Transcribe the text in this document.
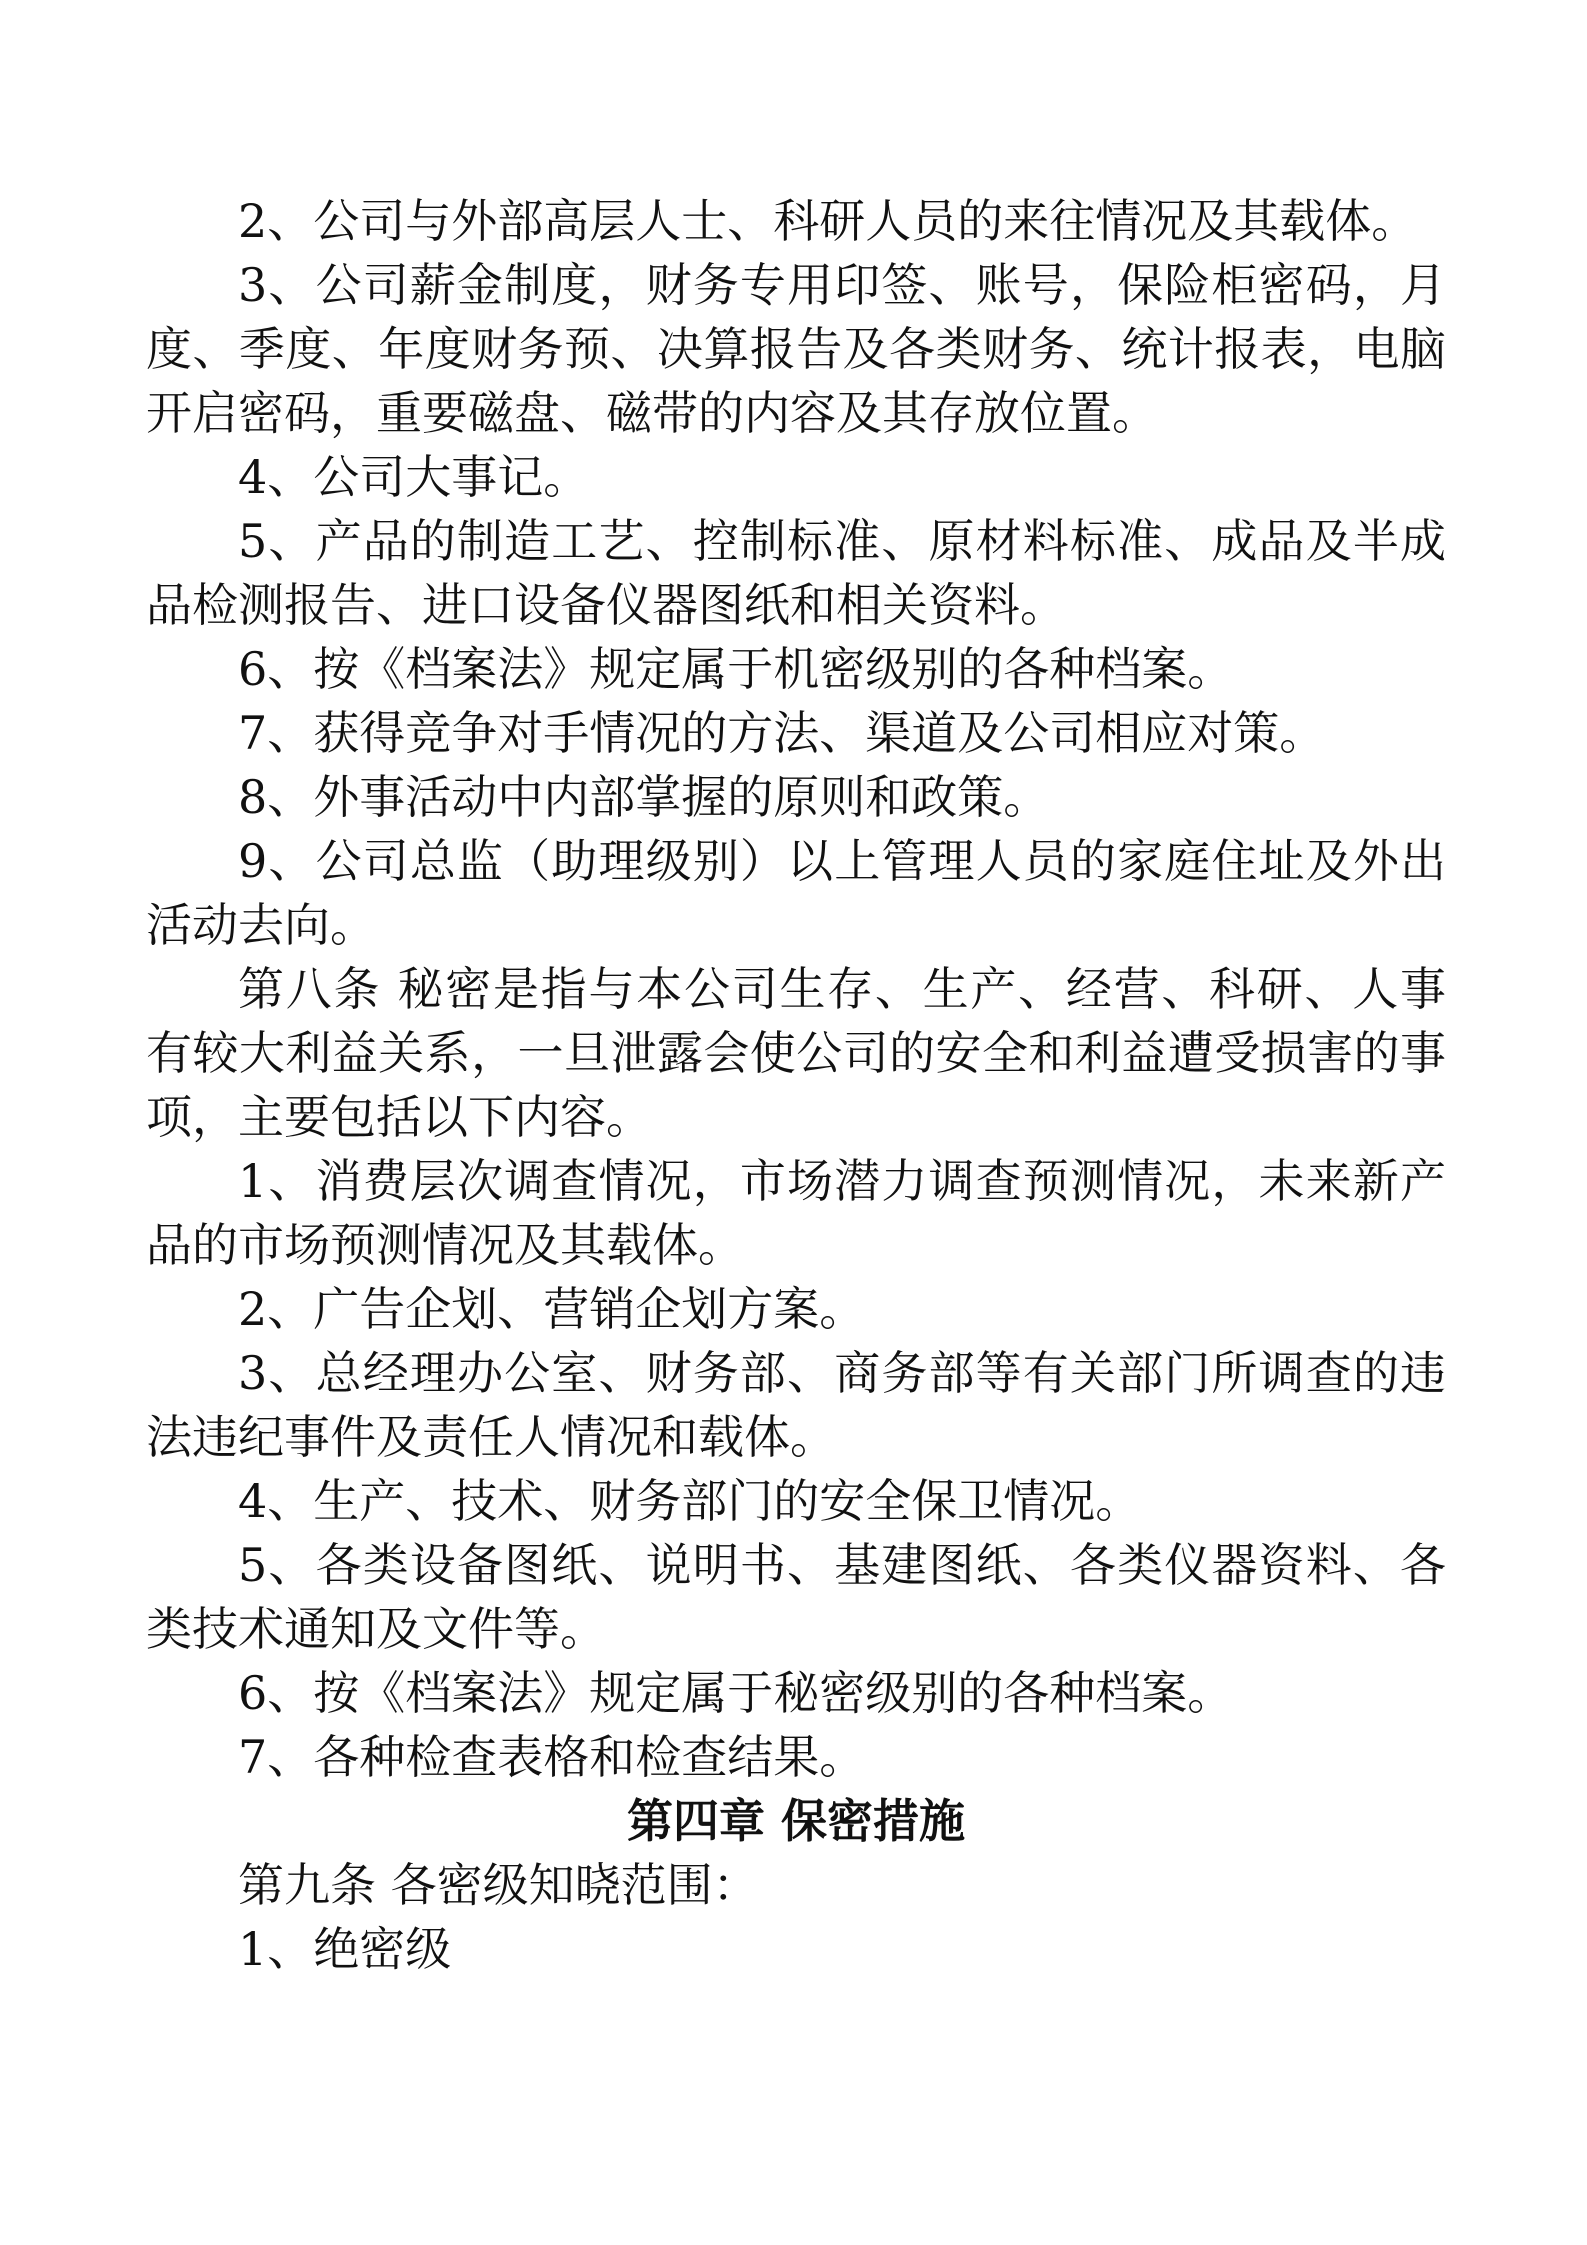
2、公司与外部高层人士、科研人员的来往情况及其载体。

3、公司薪金制度，财务专用印签、账号，保险柜密码，月度、季度、年度财务预、决算报告及各类财务、统计报表，电脑开启密码，重要磁盘、磁带的内容及其存放位置。

4、公司大事记。

5、产品的制造工艺、控制标准、原材料标准、成品及半成品检测报告、进口设备仪器图纸和相关资料。

6、按《档案法》规定属于机密级别的各种档案。

7、获得竞争对手情况的方法、渠道及公司相应对策。

8、外事活动中内部掌握的原则和政策。

9、公司总监（助理级别）以上管理人员的家庭住址及外出活动去向。

第八条 秘密是指与本公司生存、生产、经营、科研、人事有较大利益关系，一旦泄露会使公司的安全和利益遭受损害的事项，主要包括以下内容。

1、消费层次调查情况，市场潜力调查预测情况，未来新产品的市场预测情况及其载体。

2、广告企划、营销企划方案。

3、总经理办公室、财务部、商务部等有关部门所调查的违法违纪事件及责任人情况和载体。

4、生产、技术、财务部门的安全保卫情况。

5、各类设备图纸、说明书、基建图纸、各类仪器资料、各类技术通知及文件等。

6、按《档案法》规定属于秘密级别的各种档案。

7、各种检查表格和检查结果。

第四章 保密措施

第九条 各密级知晓范围：

1、绝密级
